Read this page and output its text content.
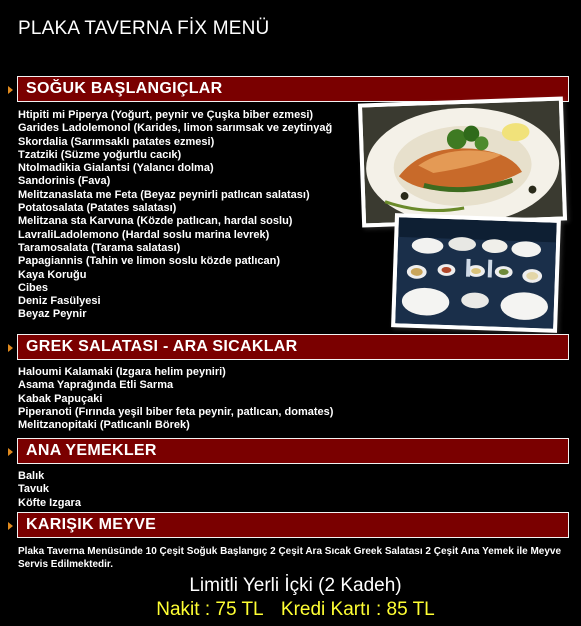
PLAKA TAVERNA FİX MENÜ
SOĞUK BAŞLANGIÇLAR
Htipiti mi Piperya (Yoğurt, peynir ve Çuşka biber ezmesi)
Garides Ladolemonol (Karides, limon sarımsak ve zeytinyağ
Skordalia (Sarımsaklı patates ezmesi)
Tzatziki (Süzme yoğurtlu cacık)
Ntolmadikia Gialantsi (Yalancı dolma)
Sandorinis (Fava)
Melitzanaslata me Feta (Beyaz peynirli patlıcan salatası)
Potatosalata (Patates salatası)
Melitzana sta Karvuna (Közde patlıcan, hardal soslu)
LavraliLadolemono (Hardal soslu marina levrek)
Taramosalata (Tarama salatası)
Papagiannis (Tahin ve limon soslu közde patlıcan)
Kaya Koruğu
Cibes
Deniz Fasülyesi
Beyaz Peynir
GREK SALATASI - ARA SICAKLAR
Haloumi Kalamaki (Izgara helim peyniri)
Asama Yaprağında Etli Sarma
Kabak Papuçaki
Piperanoti (Fırında yeşil biber feta peynir, patlıcan, domates)
Melitzanopitaki (Patlıcanlı Börek)
ANA YEMEKLER
Balık
Tavuk
Köfte Izgara
KARIŞIK MEYVE
Plaka Taverna Menüsünde 10 Çeşit Soğuk Başlangıç 2 Çeşit Ara Sıcak Greek Salatası 2 Çeşit Ana Yemek ile Meyve Servis Edilmektedir.
Limitli Yerli İçki (2 Kadeh)
Nakit : 75 TL Kredi Kartı : 85 TL
